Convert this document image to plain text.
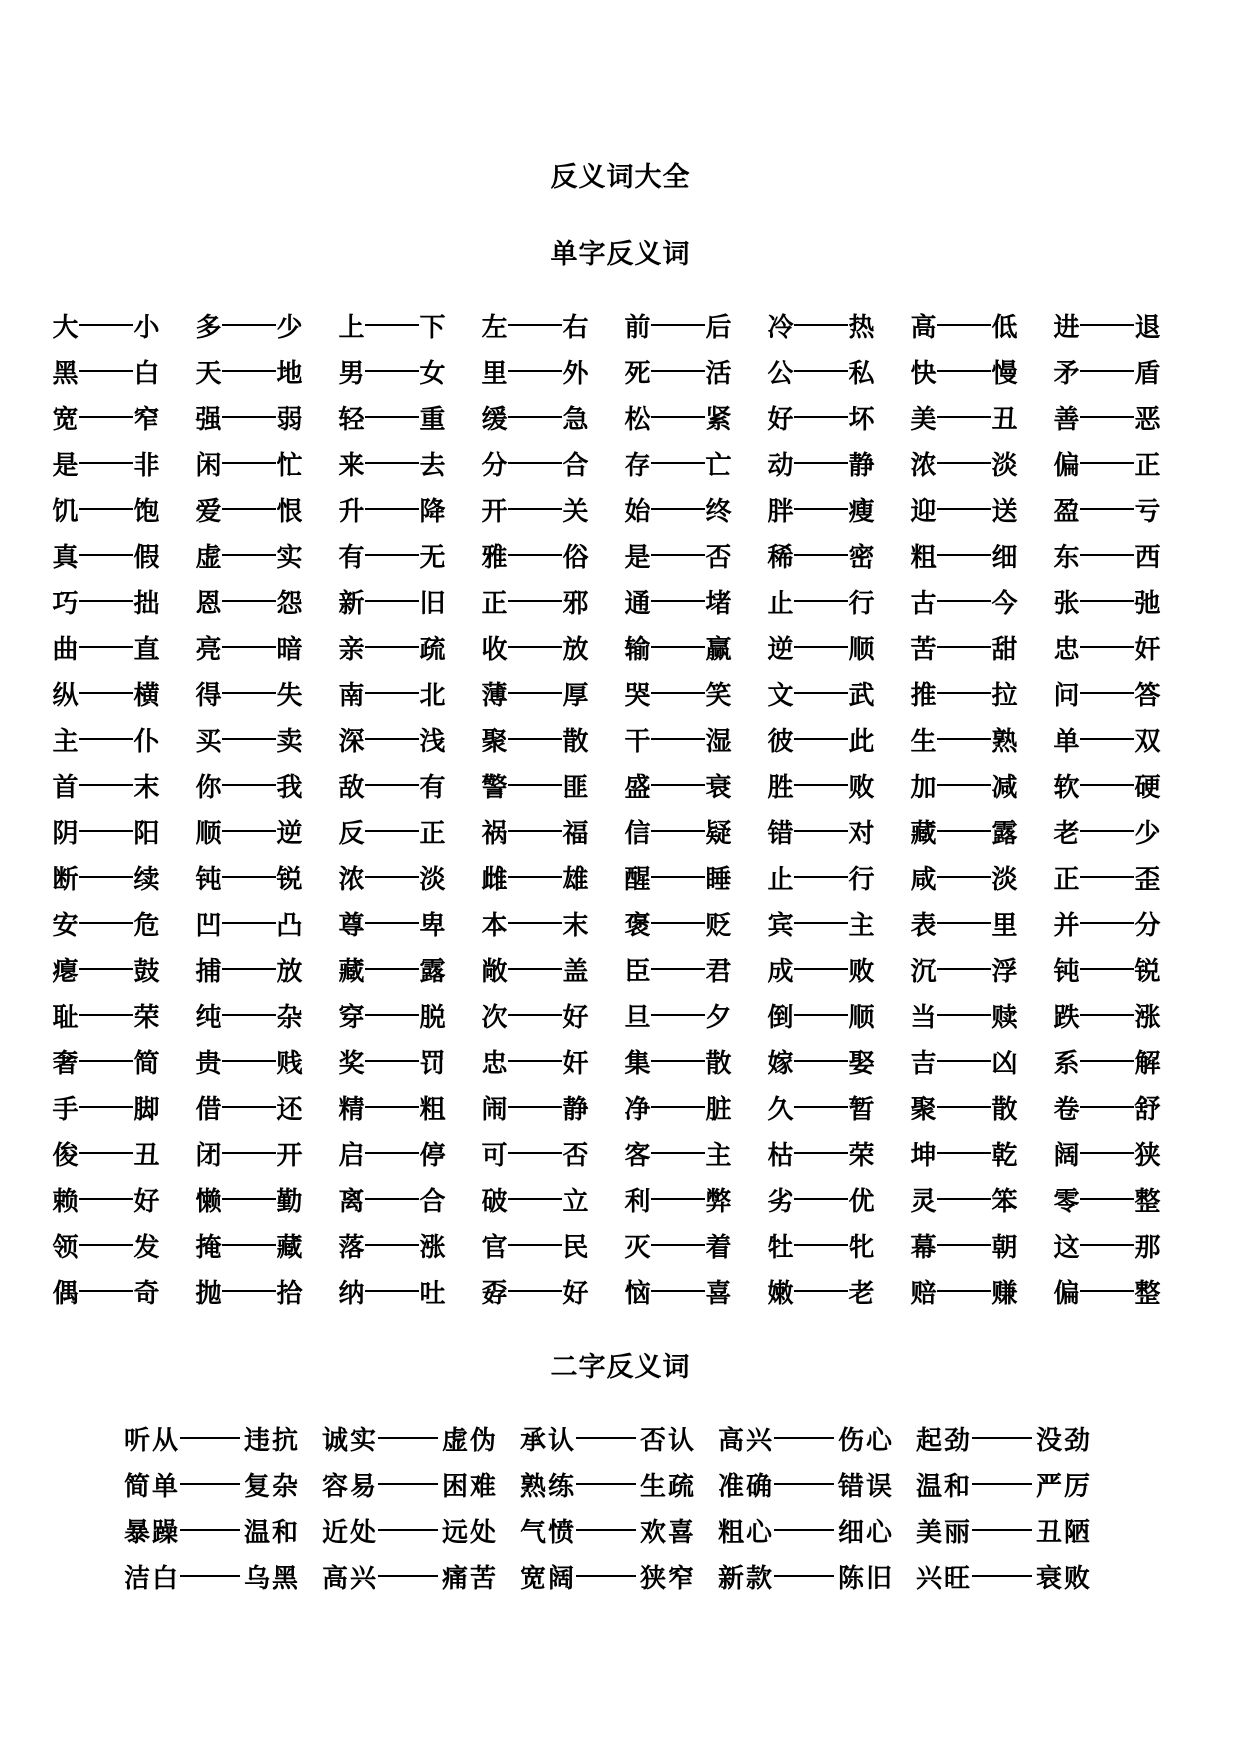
反义词大全
单字反义词
大 小 多 少 上 下 左 右 前 后 冷 热 高 低 进 退
黑 白 天 地 男 女 里 外 死 活 公 私 快 慢 矛 盾
宽 窄 强 弱 轻 重 缓 急 松 紧 好 坏 美 丑 善 恶
是 非 闲 忙 来 去 分 合 存 亡 动 静 浓 淡 偏 正
饥 饱 爱 恨 升 降 开 关 始 终 胖 瘦 迎 送 盈 亏
真 假 虚 实 有 无 雅 俗 是 否 稀 密 粗 细 东 西
巧 拙 恩 怨 新 旧 正 邪 通 堵 止 行 古 今 张 弛
曲 直 亮 暗 亲 疏 收 放 输 赢 逆 顺 苦 甜 忠 奸
纵 横 得 失 南 北 薄 厚 哭 笑 文 武 推 拉 问 答
主 仆 买 卖 深 浅 聚 散 干 湿 彼 此 生 熟 单 双
首 末 你 我 敌 有 警 匪 盛 衰 胜 败 加 减 软 硬
阴 阳 顺 逆 反 正 祸 福 信 疑 错 对 藏 露 老 少
断 续 钝 锐 浓 淡 雌 雄 醒 睡 止 行 咸 淡 正 歪
安 危 凹 凸 尊 卑 本 末 褒 贬 宾 主 表 里 并 分
瘪 鼓 捕 放 藏 露 敞 盖 臣 君 成 败 沉 浮 钝 锐
耻 荣 纯 杂 穿 脱 次 好 旦 夕 倒 顺 当 赎 跌 涨
奢 简 贵 贱 奖 罚 忠 奸 集 散 嫁 娶 吉 凶 系 解
手 脚 借 还 精 粗 闹 静 净 脏 久 暂 聚 散 卷 舒
俊 丑 闭 开 启 停 可 否 客 主 枯 荣 坤 乾 阔 狭
赖 好 懒 勤 离 合 破 立 利 弊 劣 优 灵 笨 零 整
领 发 掩 藏 落 涨 官 民 灭 着 牡 牝 幕 朝 这 那
偶 奇 抛 拾 纳 吐 孬 好 恼 喜 嫩 老 赔 赚 偏 整
二字反义词
听从 违抗 诚实 虚伪 承认 否认 高兴 伤心 起劲 没劲
简单 复杂 容易 困难 熟练 生疏 准确 错误 温和 严厉
暴躁 温和 近处 远处 气愤 欢喜 粗心 细心 美丽 丑陋
洁白 乌黑 高兴 痛苦 宽阔 狭窄 新款 陈旧 兴旺 衰败
